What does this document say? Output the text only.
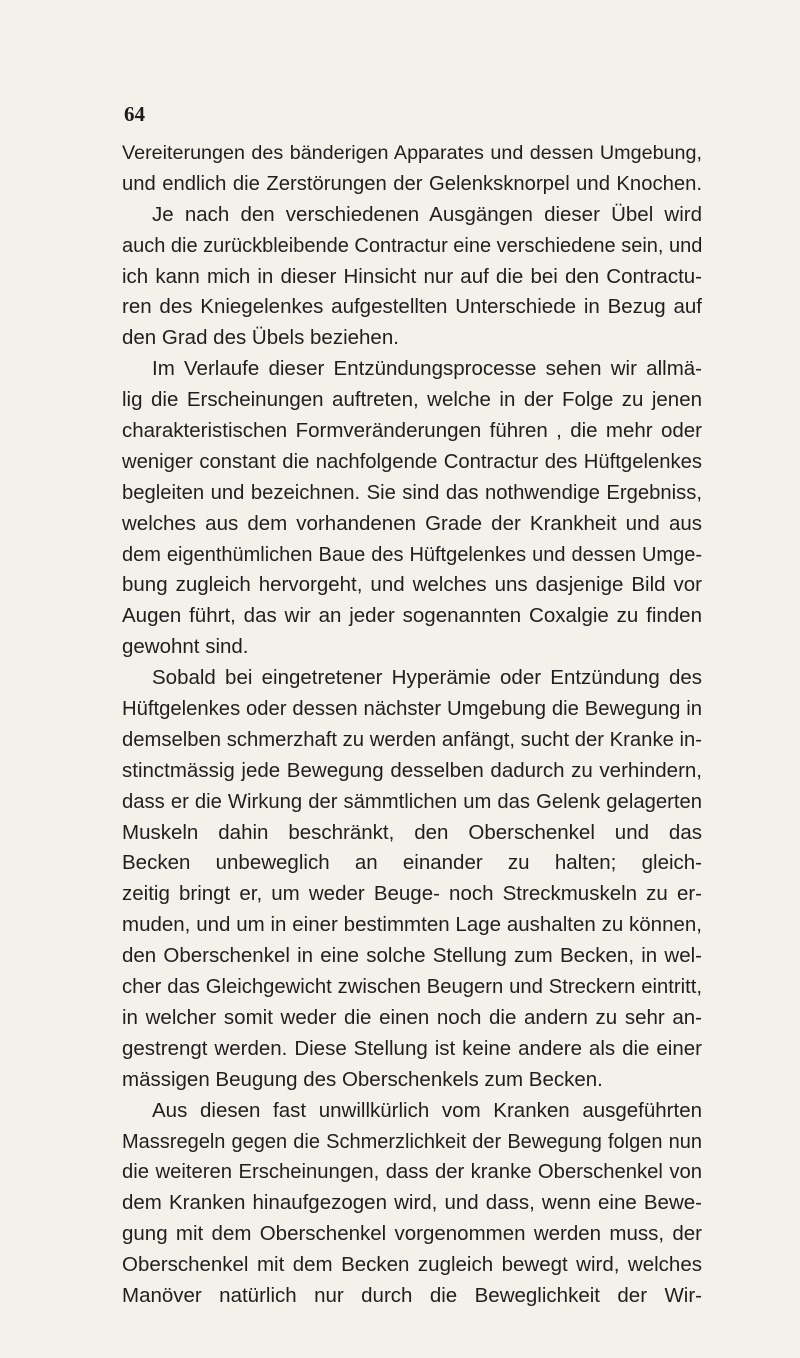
64
Vereiterungen des bänderigen Apparates und dessen Umgebung,
und endlich die Zerstörungen der Gelenksknorpel und Knochen.
Je nach den verschiedenen Ausgängen dieser Übel wird
auch die zurückbleibende Contractur eine verschiedene sein, und
ich kann mich in dieser Hinsicht nur auf die bei den Contractu-
ren des Kniegelenkes aufgestellten Unterschiede in Bezug auf
den Grad des Übels beziehen.
Im Verlaufe dieser Entzündungsprocesse sehen wir allmä-
lig die Erscheinungen auftreten, welche in der Folge zu jenen
charakteristischen Formveränderungen führen , die mehr oder
weniger constant die nachfolgende Contractur des Hüftgelenkes
begleiten und bezeichnen. Sie sind das nothwendige Ergebniss,
welches aus dem vorhandenen Grade der Krankheit und aus
dem eigenthümlichen Baue des Hüftgelenkes und dessen Umge-
bung zugleich hervorgeht, und welches uns dasjenige Bild vor
Augen führt, das wir an jeder sogenannten Coxalgie zu finden
gewohnt sind.
Sobald bei eingetretener Hyperämie oder Entzündung des
Hüftgelenkes oder dessen nächster Umgebung die Bewegung in
demselben schmerzhaft zu werden anfängt, sucht der Kranke in-
stinctmässig jede Bewegung desselben dadurch zu verhindern,
dass er die Wirkung der sämmtlichen um das Gelenk gelagerten
Muskeln dahin beschränkt, den Oberschenkel und das
Becken unbeweglich an einander zu halten; gleich-
zeitig bringt er, um weder Beuge- noch Streckmuskeln zu er-
muden, und um in einer bestimmten Lage aushalten zu können,
den Oberschenkel in eine solche Stellung zum Becken, in wel-
cher das Gleichgewicht zwischen Beugern und Streckern eintritt,
in welcher somit weder die einen noch die andern zu sehr an-
gestrengt werden. Diese Stellung ist keine andere als die einer
mässigen Beugung des Oberschenkels zum Becken.
Aus diesen fast unwillkürlich vom Kranken ausgeführten
Massregeln gegen die Schmerzlichkeit der Bewegung folgen nun
die weiteren Erscheinungen, dass der kranke Oberschenkel von
dem Kranken hinaufgezogen wird, und dass, wenn eine Bewe-
gung mit dem Oberschenkel vorgenommen werden muss, der
Oberschenkel mit dem Becken zugleich bewegt wird, welches
Manöver natürlich nur durch die Beweglichkeit der Wir-
